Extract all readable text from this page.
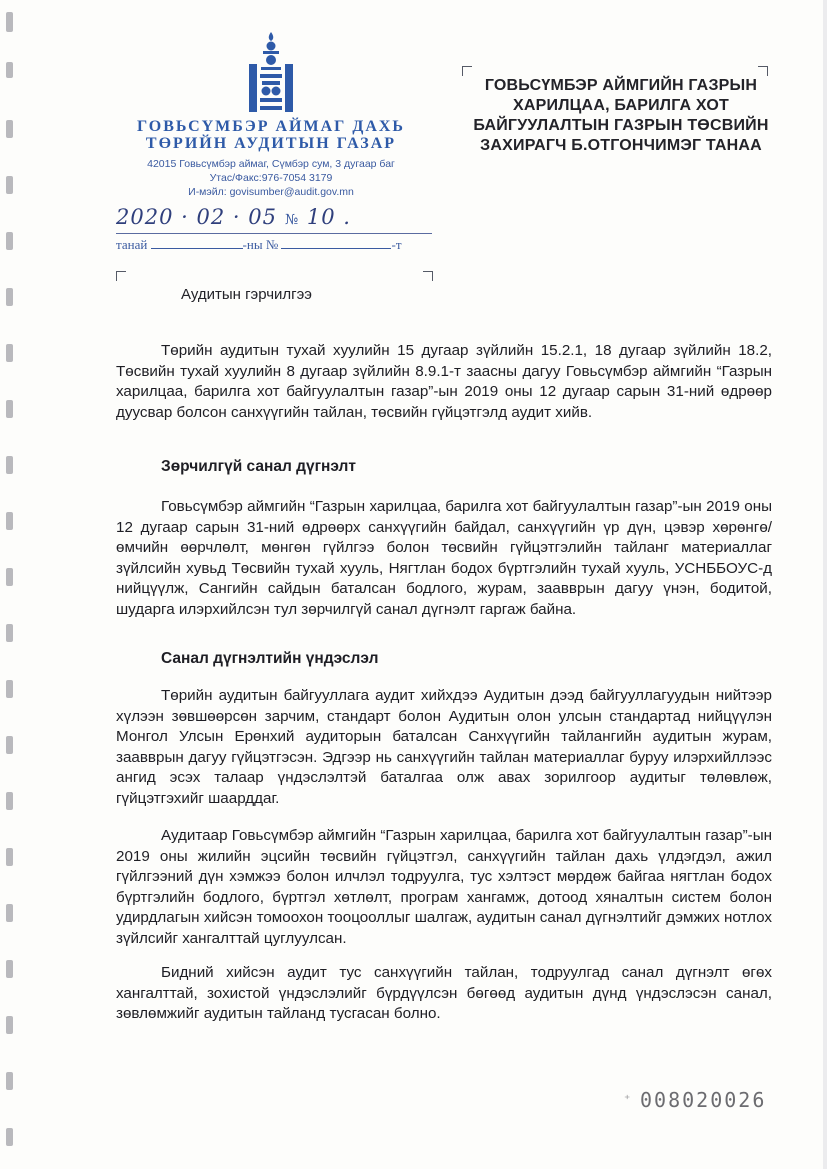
ГОВЬСҮМБЭР АЙМАГ ДАХЬ
ТӨРИЙН АУДИТЫН ГАЗАР
42015 Говьсүмбэр аймаг, Сүмбэр сум, 3 дугаар баг
Утас/Факс:976-7054 3179
И-мэйл: govisumber@audit.gov.mn
2020 · 02 · 05 № 10 .
танай	-ны №	-т
ГОВЬСҮМБЭР АЙМГИЙН ГАЗРЫН
ХАРИЛЦАА, БАРИЛГА ХОТ
БАЙГУУЛАЛТЫН ГАЗРЫН ТӨСВИЙН
ЗАХИРАГЧ Б.ОТГОНЧИМЭГ ТАНАА
Аудитын гэрчилгээ

Төрийн аудитын тухай хуулийн 15 дугаар зүйлийн 15.2.1, 18 дугаар зүйлийн 18.2, Төсвийн тухай хуулийн 8 дугаар зүйлийн 8.9.1-т заасны дагуу Говьсүмбэр аймгийн “Газрын харилцаа, барилга хот байгуулалтын газар”-ын 2019 оны 12 дугаар сарын 31-ний өдрөөр дуусвар болсон санхүүгийн тайлан, төсвийн гүйцэтгэлд аудит хийв.

Зөрчилгүй санал дүгнэлт

Говьсүмбэр аймгийн “Газрын харилцаа, барилга хот байгуулалтын газар”-ын 2019 оны 12 дугаар сарын 31-ний өдрөөрх санхүүгийн байдал, санхүүгийн үр дүн, цэвэр хөрөнгө/өмчийн өөрчлөлт, мөнгөн гүйлгээ болон төсвийн гүйцэтгэлийн тайланг материаллаг зүйлсийн хувьд Төсвийн тухай хууль, Нягтлан бодох бүртгэлийн тухай хууль, УСНББОУС-д нийцүүлж, Сангийн сайдын баталсан бодлого, журам, заавврын дагуу үнэн, бодитой, шударга илэрхийлсэн тул зөрчилгүй санал дүгнэлт гаргаж байна.

Санал дүгнэлтийн үндэслэл

Төрийн аудитын байгууллага аудит хийхдээ Аудитын дээд байгууллагуудын нийтээр хүлээн зөвшөөрсөн зарчим, стандарт болон Аудитын олон улсын стандартад нийцүүлэн Монгол Улсын Ерөнхий аудиторын баталсан Санхүүгийн тайлангийн аудитын журам, заавврын дагуу гүйцэтгэсэн. Эдгээр нь санхүүгийн тайлан материаллаг буруу илэрхийллээс ангид эсэх талаар үндэслэлтэй баталгаа олж авах зорилгоор аудитыг төлөвлөж, гүйцэтгэхийг шаарддаг.

Аудитаар Говьсүмбэр аймгийн “Газрын харилцаа, барилга хот байгуулалтын газар”-ын 2019 оны жилийн эцсийн төсвийн гүйцэтгэл, санхүүгийн тайлан дахь үлдэгдэл, ажил гүйлгээний дүн хэмжээ болон илчлэл тодруулга, тус хэлтэст мөрдөж байгаа нягтлан бодох бүртгэлийн бодлого, бүртгэл хөтлөлт, програм хангамж, дотоод хяналтын систем болон удирдлагын хийсэн томоохон тооцооллыг шалгаж, аудитын санал дүгнэлтийг дэмжих нотлох зүйлсийг хангалттай цуглуулсан.

Бидний хийсэн аудит тус санхүүгийн тайлан, тодруулгад санал дүгнэлт өгөх хангалттай, зохистой үндэслэлийг бүрдүүлсэн бөгөөд аудитын дүнд үндэслэсэн санал, зөвлөмжийг аудитын тайланд тусгасан болно.

⁺ 008020026
